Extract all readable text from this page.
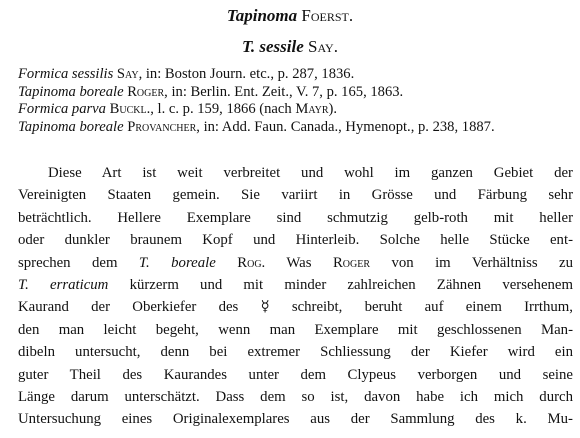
Tapinoma Foerst.
T. sessile Say.

Formica sessilis Say, in: Boston Journ. etc., p. 287, 1836.

Tapinoma boreale Roger, in: Berlin. Ent. Zeit., V. 7, p. 165, 1863.

Formica parva Buckl., l. c. p. 159, 1866 (nach Mayr).

Tapinoma boreale Provancher, in: Add. Faun. Canada., Hymenopt., p. 238, 1887.

Diese Art ist weit verbreitet und wohl im ganzen Gebiet der
Vereinigten Staaten gemein. Sie variirt in Grösse und Färbung sehr
beträchtlich. Hellere Exemplare sind schmutzig gelb-roth mit heller
oder dunkler braunem Kopf und Hinterleib. Solche helle Stücke ent-
sprechen dem T. boreale Rog. Was Roger von im Verhältniss zu
T. erraticum kürzerm und mit minder zahlreichen Zähnen versehenem
Kaurand der Oberkiefer des ☿ schreibt, beruht auf einem Irrthum,
den man leicht begeht, wenn man Exemplare mit geschlossenen Man-
dibeln untersucht, denn bei extremer Schliessung der Kiefer wird ein
guter Theil des Kaurandes unter dem Clypeus verborgen und seine
Länge darum unterschätzt. Dass dem so ist, davon habe ich mich durch
Untersuchung eines Originalexemplares aus der Sammlung des k. Mu-
